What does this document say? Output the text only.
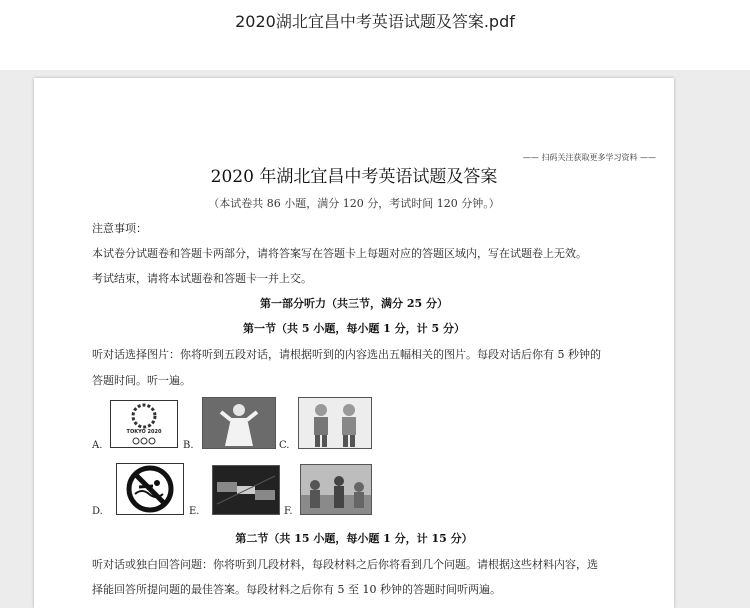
2020湖北宜昌中考英语试题及答案.pdf
—— 扫码关注获取更多学习资料 ——
2020 年湖北宜昌中考英语试题及答案
（本试卷共 86 小题，满分 120 分，考试时间 120 分钟。）
注意事项：
本试卷分试题卷和答题卡两部分，请将答案写在答题卡上每题对应的答题区域内，写在试题卷上无效。
考试结束，请将本试题卷和答题卡一并上交。
第一部分听力（共三节，满分 25 分）
第一节（共 5 小题，每小题 1 分，计 5 分）
听对话选择图片：你将听到五段对话，请根据听到的内容选出五幅相关的图片。每段对话后你有 5 秒钟的
答题时间。听一遍。
TOKYO 2020
A.	B.	C.
D.	E.	F.
第二节（共 15 小题，每小题 1 分，计 15 分）
听对话或独白回答问题：你将听到几段材料，每段材料之后你将看到几个问题。请根据这些材料内容，选
择能回答所提问题的最佳答案。每段材料之后你有 5 至 10 秒钟的答题时间听两遍。
